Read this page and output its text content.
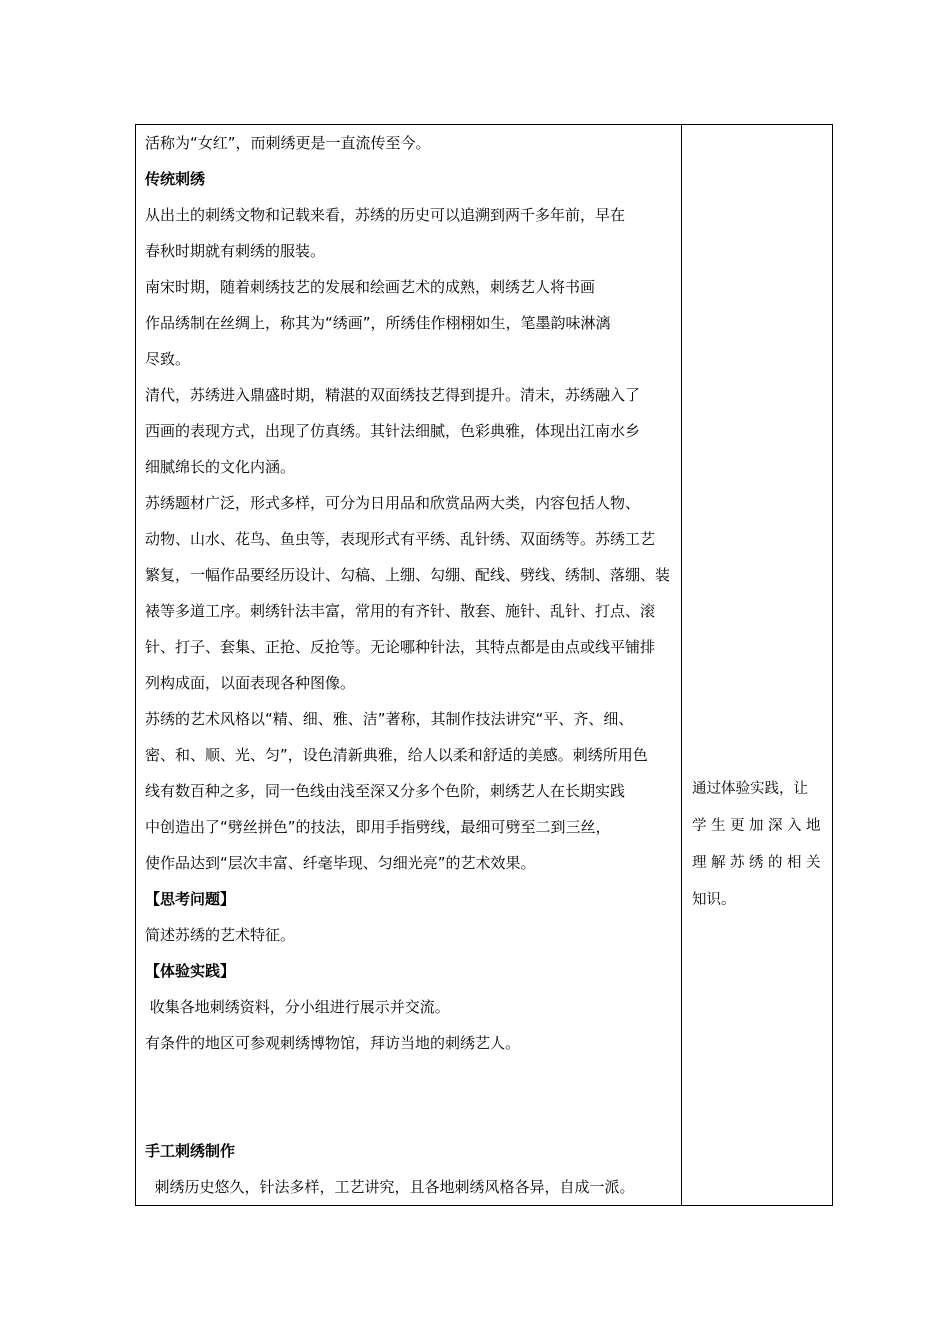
活称为“女红”，而刺绣更是一直流传至今。

传统刺绣

从出土的刺绣文物和记载来看，苏绣的历史可以追溯到两千多年前，早在

春秋时期就有刺绣的服装。

南宋时期，随着刺绣技艺的发展和绘画艺术的成熟，刺绣艺人将书画

作品绣制在丝绸上，称其为“绣画”，所绣佳作栩栩如生，笔墨韵味淋漓

尽致。

清代，苏绣进入鼎盛时期，精湛的双面绣技艺得到提升。清末，苏绣融入了

西画的表现方式，出现了仿真绣。其针法细腻，色彩典雅，体现出江南水乡

细腻绵长的文化内涵。

苏绣题材广泛，形式多样，可分为日用品和欣赏品两大类，内容包括人物、

动物、山水、花鸟、鱼虫等，表现形式有平绣、乱针绣、双面绣等。苏绣工艺

繁复，一幅作品要经历设计、勾稿、上绷、勾绷、配线、劈线、绣制、落绷、装

裱等多道工序。刺绣针法丰富，常用的有齐针、散套、施针、乱针、打点、滚

针、打子、套集、正抢、反抢等。无论哪种针法，其特点都是由点或线平铺排

列构成面，以面表现各种图像。

苏绣的艺术风格以“精、细、雅、洁”著称，其制作技法讲究“平、齐、细、

密、和、顺、光、匀”，设色清新典雅，给人以柔和舒适的美感。刺绣所用色

线有数百种之多，同一色线由浅至深又分多个色阶，刺绣艺人在长期实践

中创造出了“劈丝拼色”的技法，即用手指劈线，最细可劈至二到三丝，

使作品达到“层次丰富、纤毫毕现、匀细光亮”的艺术效果。

【思考问题】

简述苏绣的艺术特征。

【体验实践】

收集各地刺绣资料，分小组进行展示并交流。

有条件的地区可参观刺绣博物馆，拜访当地的刺绣艺人。

手工刺绣制作

刺绣历史悠久，针法多样，工艺讲究，且各地刺绣风格各异，自成一派。

通过体验实践，让

学生更加深入地

理解苏绣的相关

知识。
